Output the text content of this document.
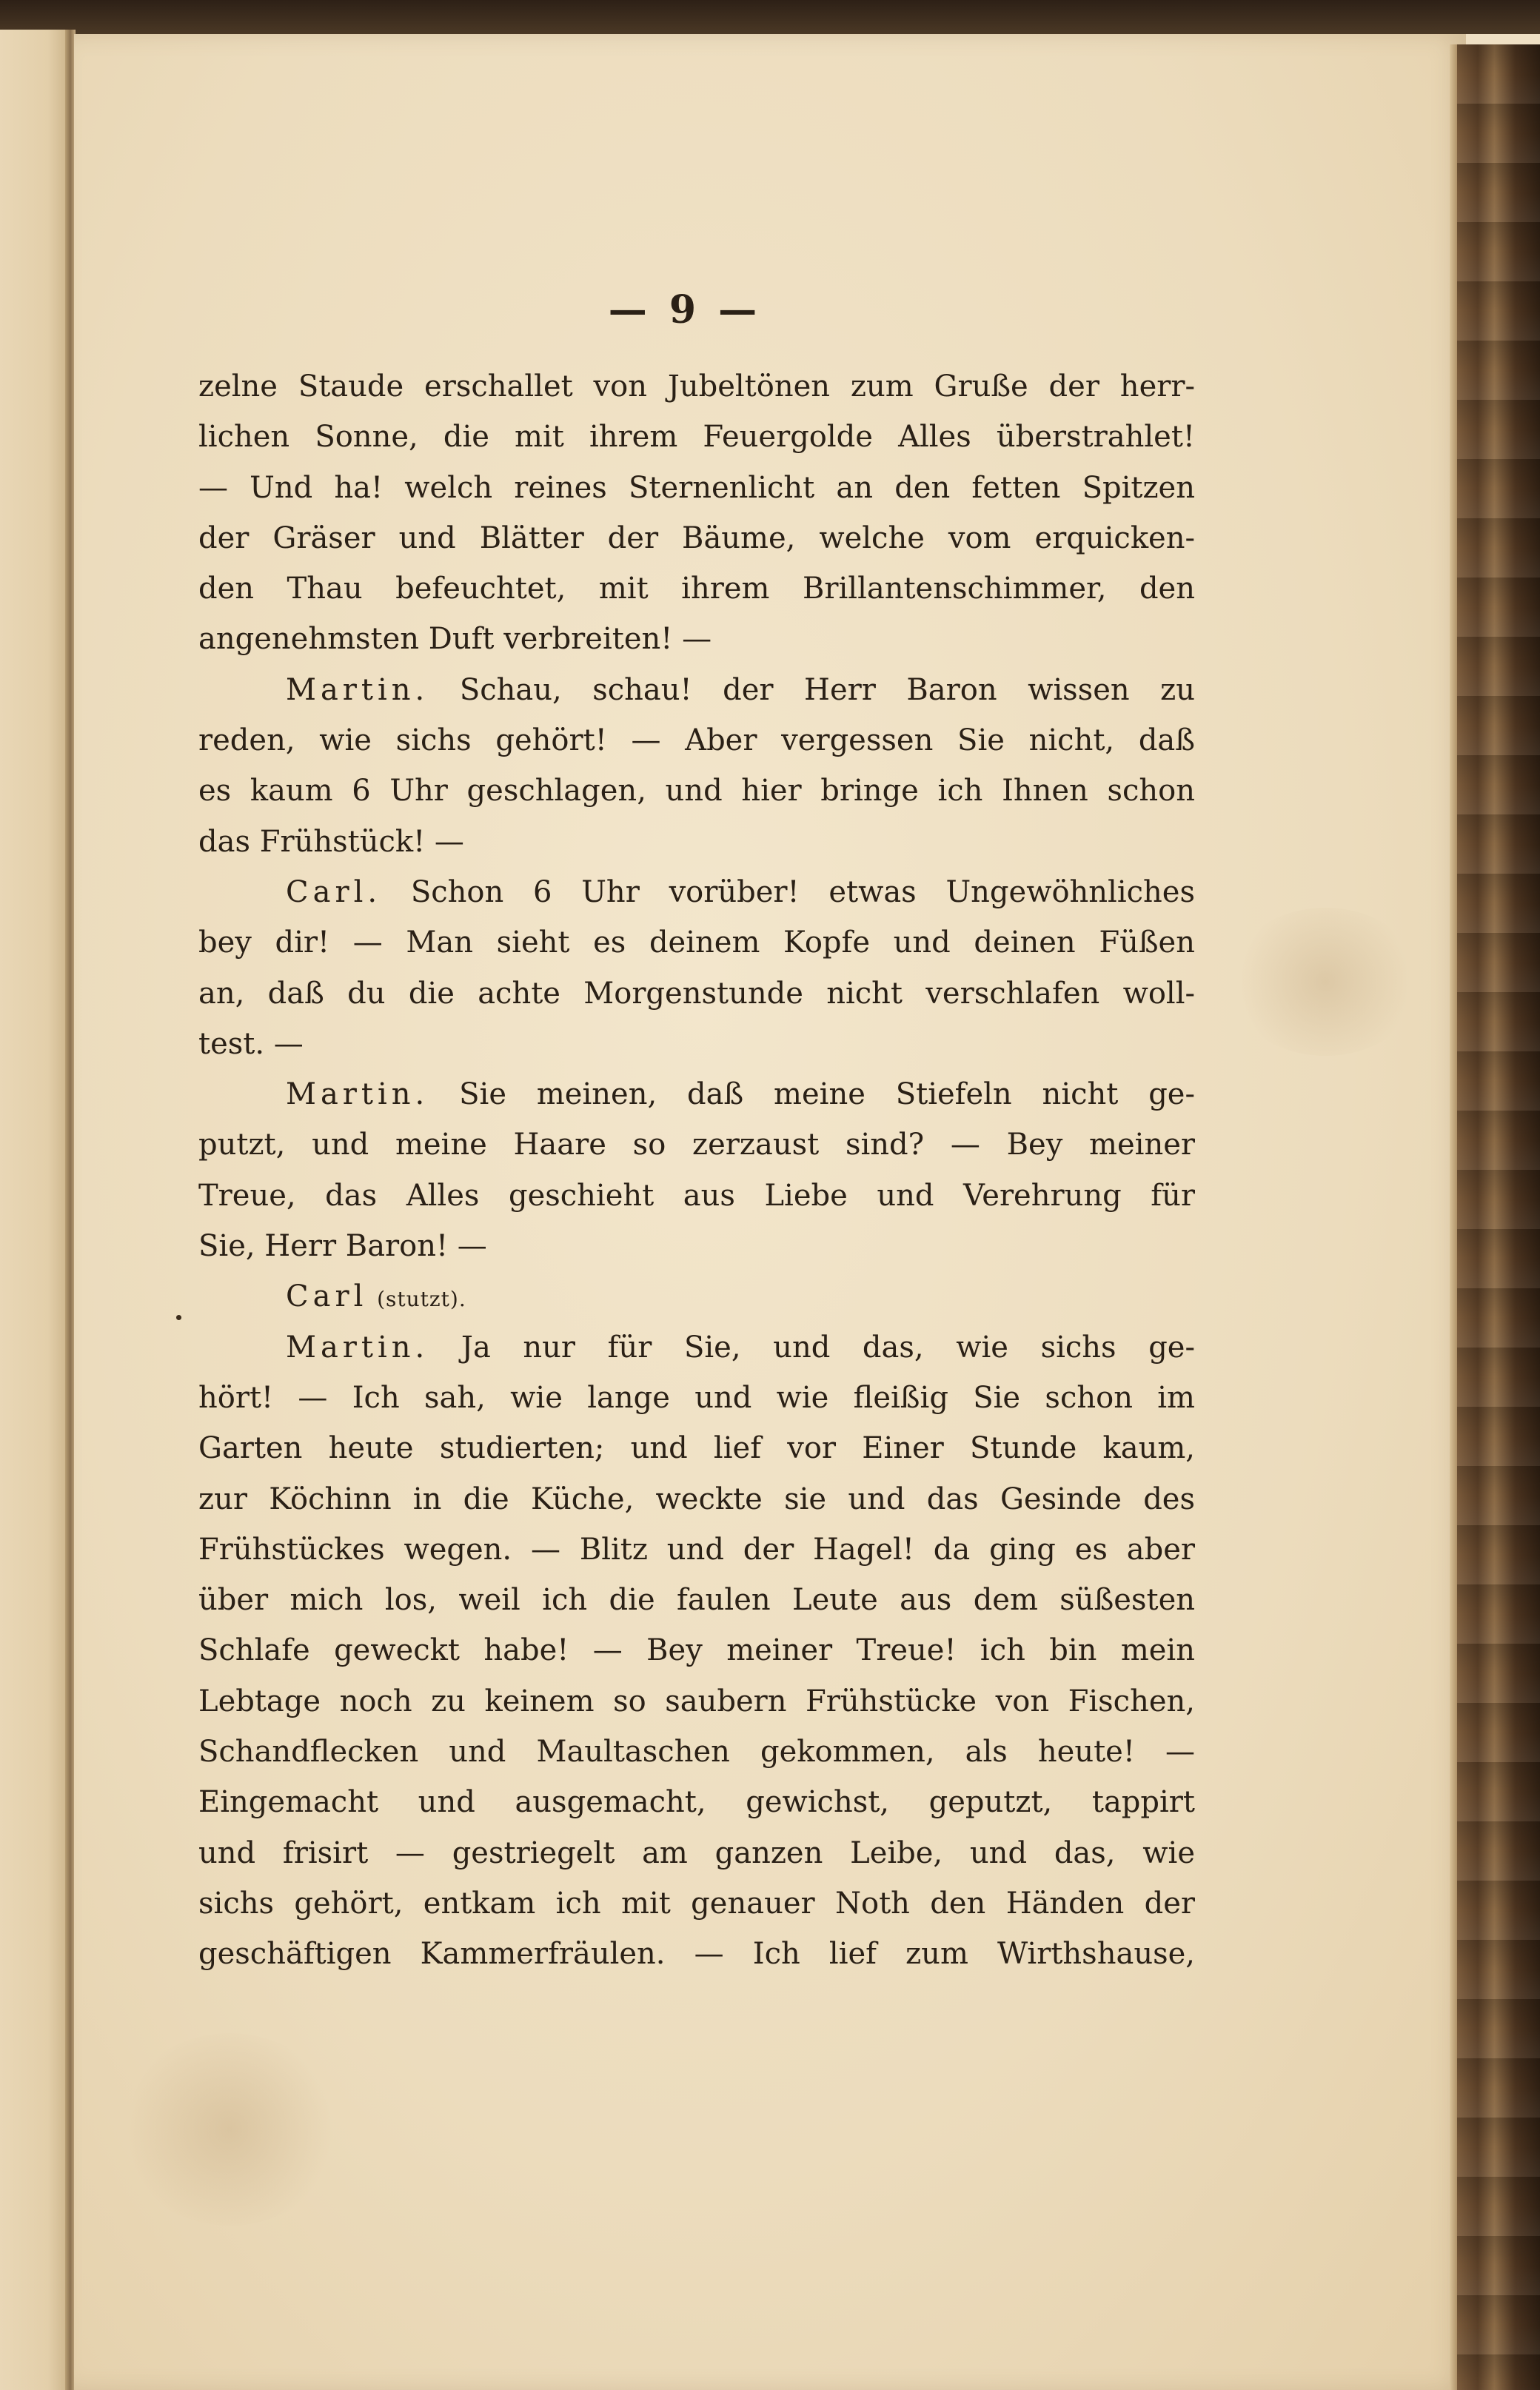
— 9 —
zelne Staude erschallet von Jubeltönen zum Gruße der herr-
lichen Sonne, die mit ihrem Feuergolde Alles überstrahlet!
— Und ha! welch reines Sternenlicht an den fetten Spitzen
der Gräser und Blätter der Bäume, welche vom erquicken-
den Thau befeuchtet, mit ihrem Brillantenschimmer, den
angenehmsten Duft verbreiten! —
Martin. Schau, schau! der Herr Baron wissen zu
reden, wie sichs gehört! — Aber vergessen Sie nicht, daß
es kaum 6 Uhr geschlagen, und hier bringe ich Ihnen schon
das Frühstück! —
Carl. Schon 6 Uhr vorüber! etwas Ungewöhnliches
bey dir! — Man sieht es deinem Kopfe und deinen Füßen
an, daß du die achte Morgenstunde nicht verschlafen woll-
test. —
Martin. Sie meinen, daß meine Stiefeln nicht ge-
putzt, und meine Haare so zerzaust sind? — Bey meiner
Treue, das Alles geschieht aus Liebe und Verehrung für
Sie, Herr Baron! —
Carl (stutzt).
Martin. Ja nur für Sie, und das, wie sichs ge-
hört! — Ich sah, wie lange und wie fleißig Sie schon im
Garten heute studierten; und lief vor Einer Stunde kaum,
zur Köchinn in die Küche, weckte sie und das Gesinde des
Frühstückes wegen. — Blitz und der Hagel! da ging es aber
über mich los, weil ich die faulen Leute aus dem süßesten
Schlafe geweckt habe! — Bey meiner Treue! ich bin mein
Lebtage noch zu keinem so saubern Frühstücke von Fischen,
Schandflecken und Maultaschen gekommen, als heute! —
Eingemacht und ausgemacht, gewichst, geputzt, tappirt
und frisirt — gestriegelt am ganzen Leibe, und das, wie
sichs gehört, entkam ich mit genauer Noth den Händen der
geschäftigen Kammerfräulen. — Ich lief zum Wirthshause,
